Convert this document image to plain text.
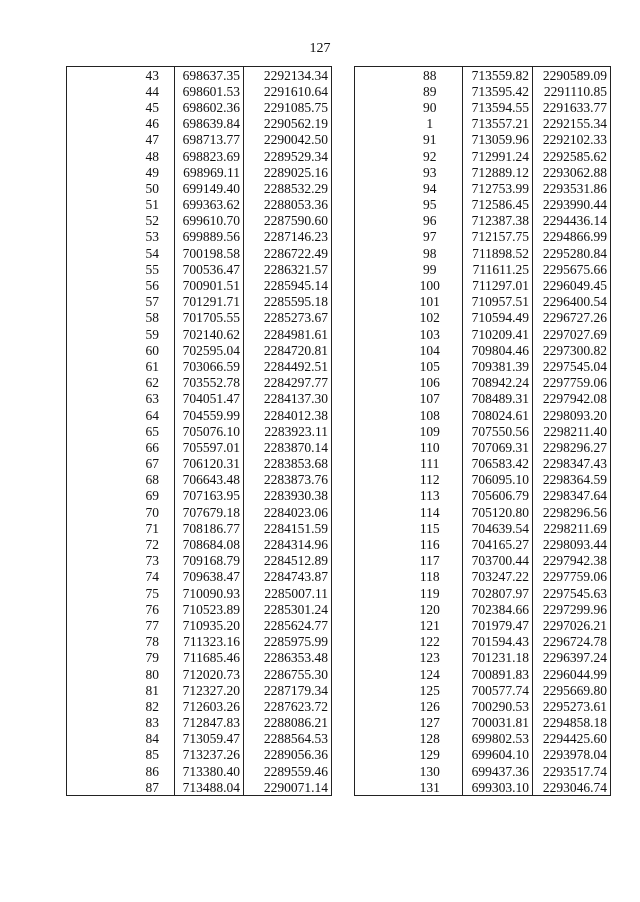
127
	43	698637.35	2292134.34
	44	698601.53	2291610.64
	45	698602.36	2291085.75
	46	698639.84	2290562.19
	47	698713.77	2290042.50
	48	698823.69	2289529.34
	49	698969.11	2289025.16
	50	699149.40	2288532.29
	51	699363.62	2288053.36
	52	699610.70	2287590.60
	53	699889.56	2287146.23
	54	700198.58	2286722.49
	55	700536.47	2286321.57
	56	700901.51	2285945.14
	57	701291.71	2285595.18
	58	701705.55	2285273.67
	59	702140.62	2284981.61
	60	702595.04	2284720.81
	61	703066.59	2284492.51
	62	703552.78	2284297.77
	63	704051.47	2284137.30
	64	704559.99	2284012.38
	65	705076.10	2283923.11
	66	705597.01	2283870.14
	67	706120.31	2283853.68
	68	706643.48	2283873.76
	69	707163.95	2283930.38
	70	707679.18	2284023.06
	71	708186.77	2284151.59
	72	708684.08	2284314.96
	73	709168.79	2284512.89
	74	709638.47	2284743.87
	75	710090.93	2285007.11
	76	710523.89	2285301.24
	77	710935.20	2285624.77
	78	711323.16	2285975.99
	79	711685.46	2286353.48
	80	712020.73	2286755.30
	81	712327.20	2287179.34
	82	712603.26	2287623.72
	83	712847.83	2288086.21
	84	713059.47	2288564.53
	85	713237.26	2289056.36
	86	713380.40	2289559.46
	87	713488.04	2290071.14
	88	713559.82	2290589.09
	89	713595.42	2291110.85
	90	713594.55	2291633.77
	1	713557.21	2292155.34
	91	713059.96	2292102.33
	92	712991.24	2292585.62
	93	712889.12	2293062.88
	94	712753.99	2293531.86
	95	712586.45	2293990.44
	96	712387.38	2294436.14
	97	712157.75	2294866.99
	98	711898.52	2295280.84
	99	711611.25	2295675.66
	100	711297.01	2296049.45
	101	710957.51	2296400.54
	102	710594.49	2296727.26
	103	710209.41	2297027.69
	104	709804.46	2297300.82
	105	709381.39	2297545.04
	106	708942.24	2297759.06
	107	708489.31	2297942.08
	108	708024.61	2298093.20
	109	707550.56	2298211.40
	110	707069.31	2298296.27
	111	706583.42	2298347.43
	112	706095.10	2298364.59
	113	705606.79	2298347.64
	114	705120.80	2298296.56
	115	704639.54	2298211.69
	116	704165.27	2298093.44
	117	703700.44	2297942.38
	118	703247.22	2297759.06
	119	702807.97	2297545.63
	120	702384.66	2297299.96
	121	701979.47	2297026.21
	122	701594.43	2296724.78
	123	701231.18	2296397.24
	124	700891.83	2296044.99
	125	700577.74	2295669.80
	126	700290.53	2295273.61
	127	700031.81	2294858.18
	128	699802.53	2294425.60
	129	699604.10	2293978.04
	130	699437.36	2293517.74
	131	699303.10	2293046.74
